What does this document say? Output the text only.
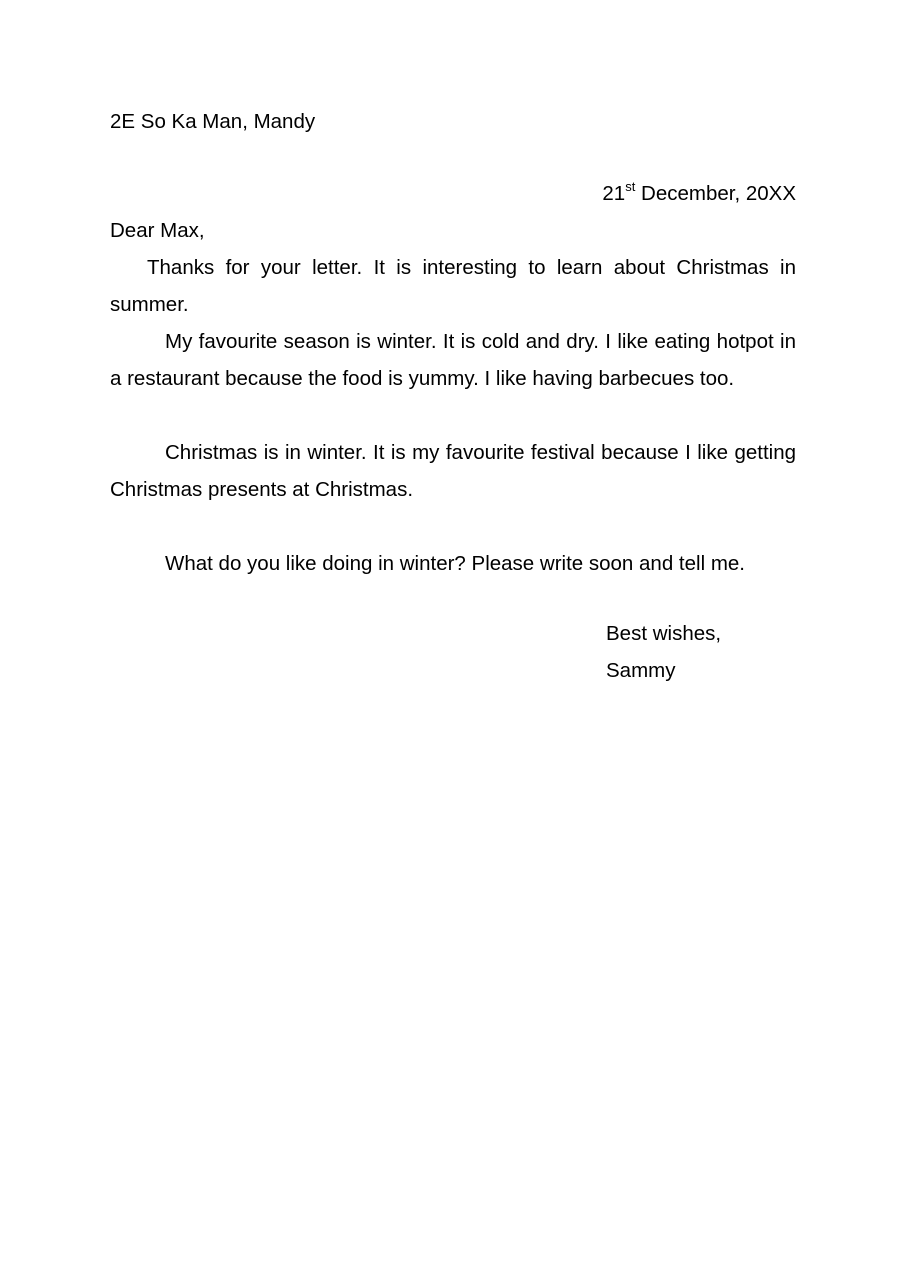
2E So Ka Man, Mandy
21st December, 20XX
Dear Max,

Thanks for your letter. It is interesting to learn about Christmas in summer.

My favourite season is winter. It is cold and dry. I like eating hotpot in a restaurant because the food is yummy. I like having barbecues too.

Christmas is in winter. It is my favourite festival because I like getting Christmas presents at Christmas.

What do you like doing in winter? Please write soon and tell me.

Best wishes,
Sammy
